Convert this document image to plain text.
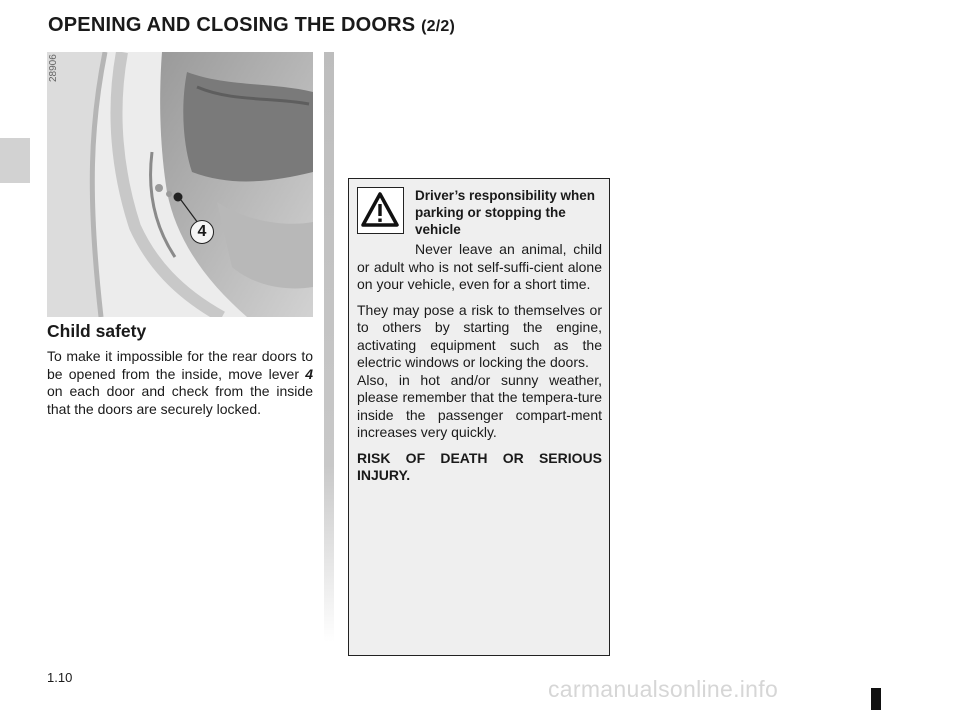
OPENING AND CLOSING THE DOORS (2/2)
28906
4
Child safety

To make it impossible for the rear doors to be opened from the inside, move lever 4 on each door and check from the inside that the doors are securely locked.

Driver’s responsibility when parking or stopping the vehicle

Never leave an animal, child or adult who is not self-suffi-cient alone on your vehicle, even for a short time.

They may pose a risk to themselves or to others by starting the engine, activating equipment such as the electric windows or locking the doors.

Also, in hot and/or sunny weather, please remember that the tempera-ture inside the passenger compart-ment increases very quickly.

RISK OF DEATH OR SERIOUS INJURY.

1.10	carmanualsonline.info
